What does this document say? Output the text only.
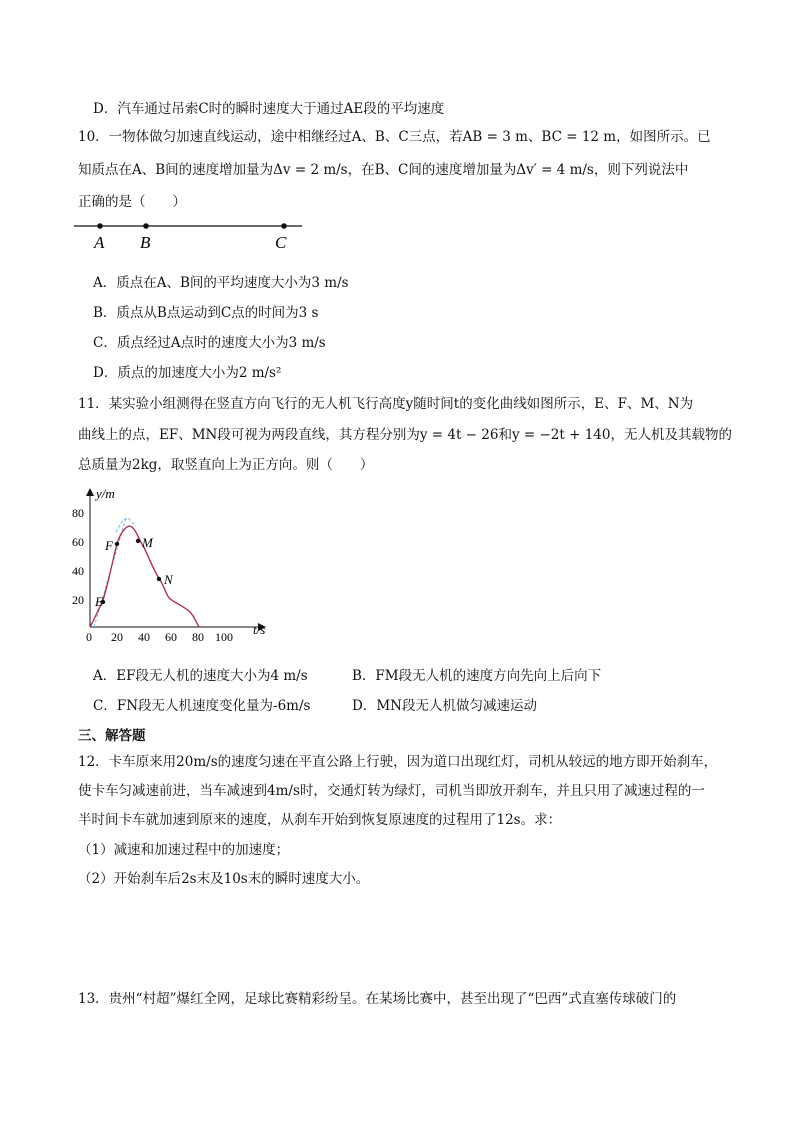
D．汽车通过吊索C时的瞬时速度大于通过AE段的平均速度
10．一物体做匀加速直线运动，途中相继经过A、B、C三点，若AB = 3 m、BC = 12 m，如图所示。已
知质点在A、B间的速度增加量为Δv = 2 m/s，在B、C间的速度增加量为Δv′ = 4 m/s，则下列说法中
正确的是（　　）
A B	C
A．质点在A、B间的平均速度大小为3 m/s
B．质点从B点运动到C点的时间为3 s
C．质点经过A点时的速度大小为3 m/s
D．质点的加速度大小为2 m/s²
11．某实验小组测得在竖直方向飞行的无人机飞行高度y随时间t的变化曲线如图所示，E、F、M、N为
曲线上的点，EF、MN段可视为两段直线，其方程分别为y = 4t − 26和y = −2t + 140，无人机及其载物的
总质量为2kg，取竖直向上为正方向。则（　　）
y/m
t/s
80
60
40
20
0 20 40 60 80 100
E
F M
N
A．EF段无人机的速度大小为4 m/s	B．FM段无人机的速度方向先向上后向下
C．FN段无人机速度变化量为-6m/s	D．MN段无人机做匀减速运动
三、解答题
12．卡车原来用20m/s的速度匀速在平直公路上行驶，因为道口出现红灯，司机从较远的地方即开始刹车，
使卡车匀减速前进，当车减速到4m/s时，交通灯转为绿灯，司机当即放开刹车，并且只用了减速过程的一
半时间卡车就加速到原来的速度，从刹车开始到恢复原速度的过程用了12s。求：
（1）减速和加速过程中的加速度；
（2）开始刹车后2s末及10s末的瞬时速度大小。
13．贵州“村超”爆红全网，足球比赛精彩纷呈。在某场比赛中，甚至出现了“巴西”式直塞传球破门的
